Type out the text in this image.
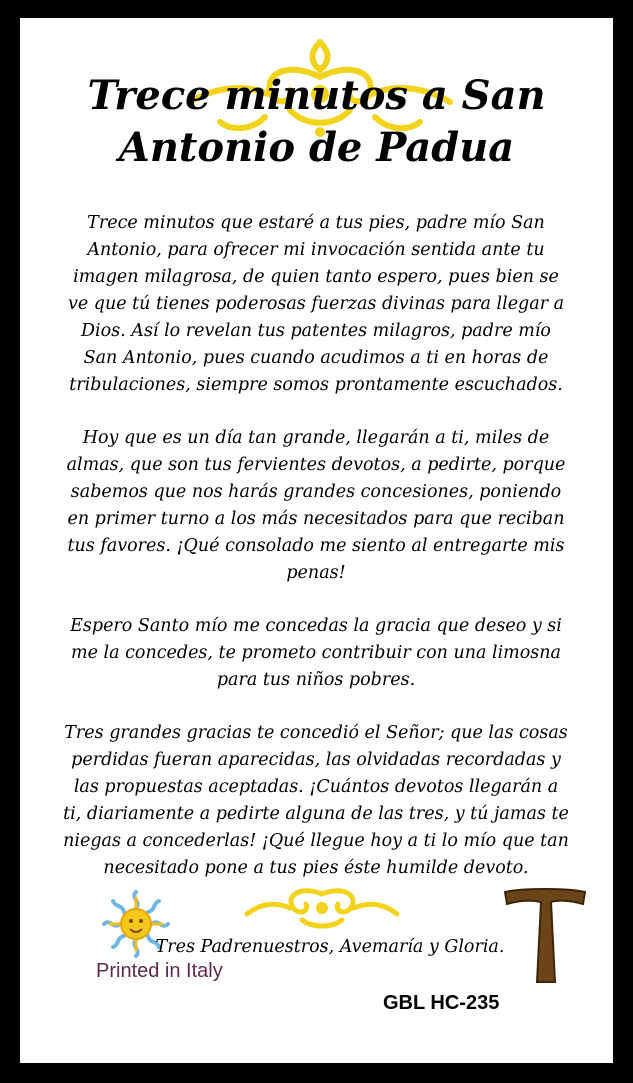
Trece minutos a San
Antonio de Padua

Trece minutos que estaré a tus pies, padre mío San Antonio, para ofrecer mi invocación sentida ante tu imagen milagrosa, de quien tanto espero, pues bien se ve que tú tienes poderosas fuerzas divinas para llegar a Dios. Así lo revelan tus patentes milagros, padre mío San Antonio, pues cuando acudimos a ti en horas de tribulaciones, siempre somos prontamente escuchados.

Hoy que es un día tan grande, llegarán a ti, miles de almas, que son tus fervientes devotos, a pedirte, porque sabemos que nos harás grandes concesiones, poniendo en primer turno a los más necesitados para que reciban tus favores. ¡Qué consolado me siento al entregarte mis penas!

Espero Santo mío me concedas la gracia que deseo y si me la concedes, te prometo contribuir con una limosna para tus niños pobres.

Tres grandes gracias te concedió el Señor; que las cosas perdidas fueran aparecidas, las olvidadas recordadas y las propuestas aceptadas. ¡Cuántos devotos llegarán a ti, diariamente a pedirte alguna de las tres, y tú jamas te niegas a concederlas! ¡Qué llegue hoy a ti lo mío que tan necesitado pone a tus pies éste humilde devoto.

Tres Padrenuestros, Avemaría y Gloria.
Printed in Italy
GBL HC-235
